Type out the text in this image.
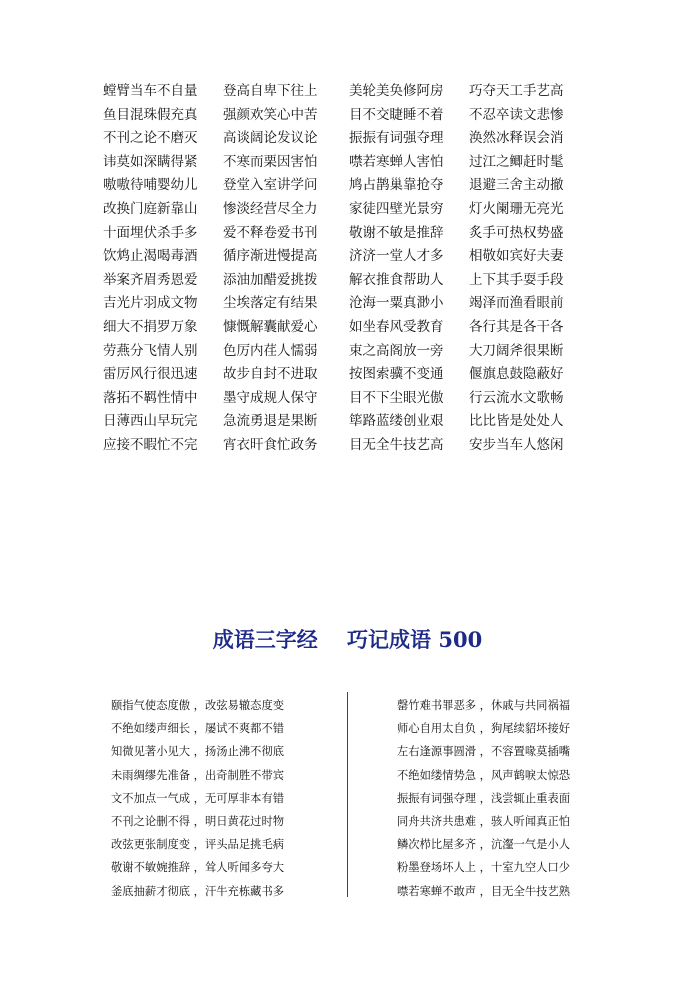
螳臂当车不自量	登高自卑下往上	美轮美奂修阿房	巧夺天工手艺高
鱼目混珠假充真	强颜欢笑心中苦	目不交睫睡不着	不忍卒读文悲惨
不刊之论不磨灭	高谈阔论发议论	振振有词强夺理	涣然冰释误会消
讳莫如深瞒得紧	不寒而栗因害怕	噤若寒蝉人害怕	过江之鲫赶时髦
嗷嗷待哺婴幼儿	登堂入室讲学问	鸠占鹊巢靠抢夺	退避三舍主动撤
改换门庭新靠山	惨淡经营尽全力	家徒四壁光景穷	灯火阑珊无亮光
十面埋伏杀手多	爱不释卷爱书刊	敬谢不敏是推辞	炙手可热权势盛
饮鸩止渴喝毒酒	循序渐进慢提高	济济一堂人才多	相敬如宾好夫妻
举案齐眉秀恩爱	添油加醋爱挑拨	解衣推食帮助人	上下其手耍手段
吉光片羽成文物	尘埃落定有结果	沧海一粟真渺小	竭泽而渔看眼前
细大不捐罗万象	慷慨解囊献爱心	如坐春风受教育	各行其是各干各
劳燕分飞情人别	色厉内荏人懦弱	束之高阁放一旁	大刀阔斧很果断
雷厉风行很迅速	故步自封不进取	按图索骥不变通	偃旗息鼓隐蔽好
落拓不羁性情中	墨守成规人保守	目不下尘眼光傲	行云流水文歌畅
日薄西山早玩完	急流勇退是果断	筚路蓝缕创业艰	比比皆是处处人
应接不暇忙不完	宵衣旰食忙政务	目无全牛技艺高	安步当车人悠闲
成语三字经    巧记成语 500
颐指气使态度傲 ，改弦易辙态度变
不绝如缕声细长 ，屡试不爽都不错
知微见著小见大 ，扬汤止沸不彻底
未雨绸缪先准备 ，出奇制胜不带宾
文不加点一气成 ，无可厚非本有错
不刊之论删不得 ，明日黄花过时物
改弦更张制度变 ，评头品足挑毛病
敬谢不敏婉推辞 ，耸人听闻多夸大
釜底抽薪才彻底 ，汗牛充栋藏书多
罄竹难书罪恶多 ，休戚与共同祸福
师心自用太自负 ，狗尾续貂坏接好
左右逢源事圆滑 ，不容置喙莫插嘴
不绝如缕情势急 ，风声鹤唳太惊恐
振振有词强夺理 ，浅尝辄止重表面
同舟共济共患难 ，骇人听闻真正怕
鳞次栉比屋多齐 ，沆瀣一气是小人
粉墨登场坏人上 ，十室九空人口少
噤若寒蝉不敢声 ，目无全牛技艺熟
